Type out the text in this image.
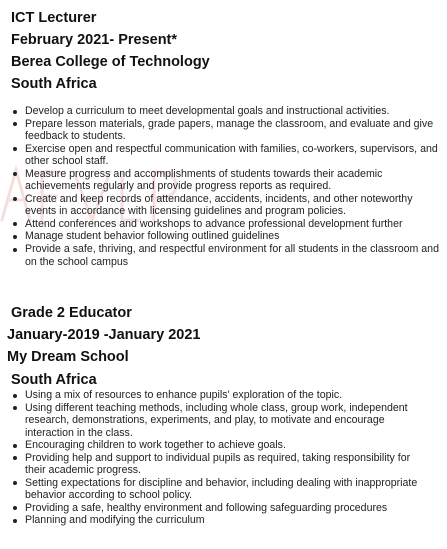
ICT Lecturer
February 2021- Present*
Berea College of Technology
South Africa
Develop a curriculum to meet developmental goals and instructional activities.
Prepare lesson materials, grade papers, manage the classroom, and evaluate and give feedback to students.
Exercise open and respectful communication with families, co-workers, supervisors, and other school staff.
Measure progress and accomplishments of students towards their academic achievements regularly and provide progress reports as required.
Create and keep records of attendance, accidents, incidents, and other noteworthy events in accordance with licensing guidelines and program policies.
Attend conferences and workshops to advance professional development further
Manage student behavior following outlined guidelines
Provide a safe, thriving, and respectful environment for all students in the classroom and on the school campus
Grade 2 Educator
January-2019 -January 2021
My Dream School
South Africa
Using a mix of resources to enhance pupils' exploration of the topic.
Using different teaching methods, including whole class, group work, independent research, demonstrations, experiments, and play, to motivate and encourage interaction in the class.
Encouraging children to work together to achieve goals.
Providing help and support to individual pupils as required, taking responsibility for their academic progress.
Setting expectations for discipline and behavior, including dealing with inappropriate behavior according to school policy.
Providing a safe, healthy environment and following safeguarding procedures
Planning and modifying the curriculum
